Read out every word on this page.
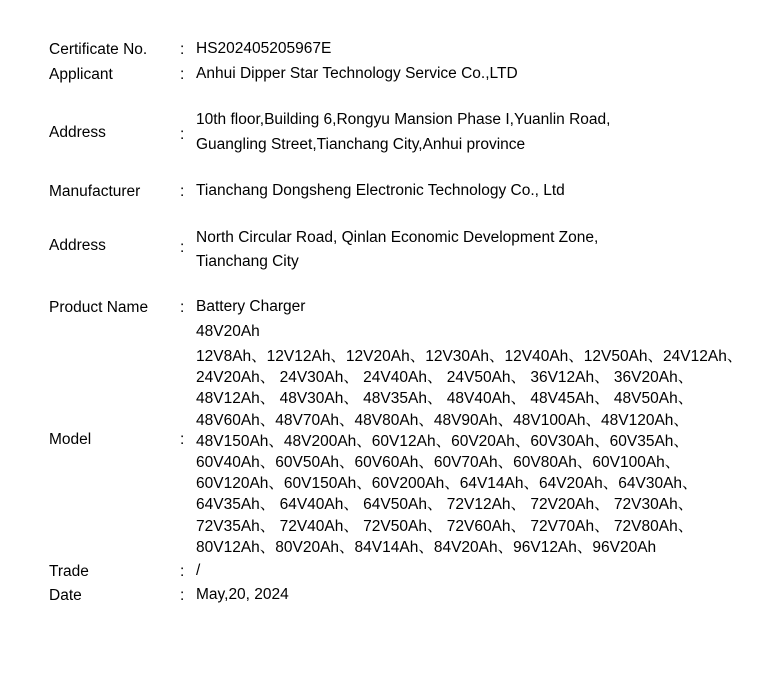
Certificate No. : HS202405205967E
Applicant	: Anhui Dipper Star Technology Service Co.,LTD
Address	:
10th floor,Building 6,Rongyu Mansion Phase I,Yuanlin Road,
Guangling Street,Tianchang City,Anhui province
Manufacturer	: Tianchang Dongsheng Electronic Technology Co., Ltd
Address	:
North Circular Road, Qinlan Economic Development Zone,
Tianchang City
Product Name : Battery Charger
48V20Ah
Model	:
12V8Ah、12V12Ah、12V20Ah、12V30Ah、12V40Ah、12V50Ah、24V12Ah、
24V20Ah、 24V30Ah、 24V40Ah、 24V50Ah、 36V12Ah、 36V20Ah、
48V12Ah、 48V30Ah、 48V35Ah、 48V40Ah、 48V45Ah、 48V50Ah、
48V60Ah、48V70Ah、48V80Ah、48V90Ah、48V100Ah、48V120Ah、
48V150Ah、48V200Ah、60V12Ah、60V20Ah、60V30Ah、60V35Ah、
60V40Ah、60V50Ah、60V60Ah、60V70Ah、60V80Ah、60V100Ah、
60V120Ah、60V150Ah、60V200Ah、64V14Ah、64V20Ah、64V30Ah、
64V35Ah、 64V40Ah、 64V50Ah、 72V12Ah、 72V20Ah、 72V30Ah、
72V35Ah、 72V40Ah、 72V50Ah、 72V60Ah、 72V70Ah、 72V80Ah、
80V12Ah、80V20Ah、84V14Ah、84V20Ah、96V12Ah、96V20Ah
Trade	: /
Date	: May,20, 2024
